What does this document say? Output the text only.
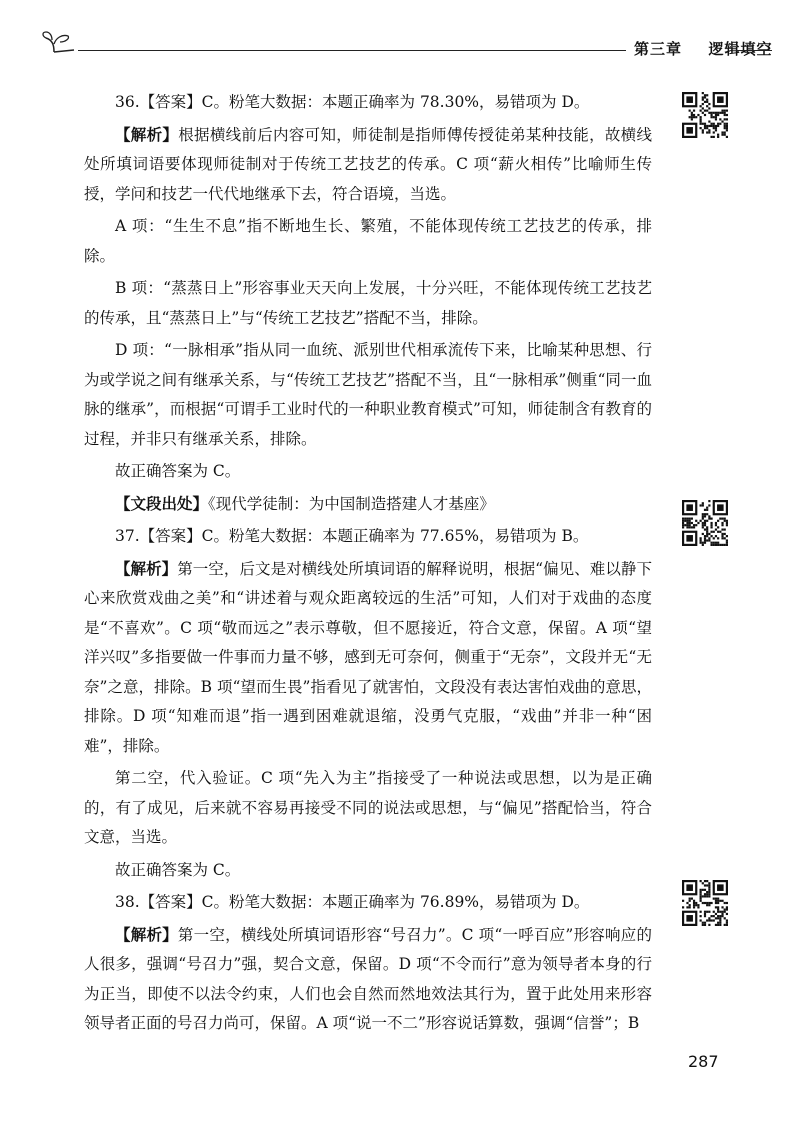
第三章 逻辑填空

36.【答案】C。粉笔大数据：本题正确率为 78.30%，易错项为 D。

【解析】根据横线前后内容可知，师徒制是指师傅传授徒弟某种技能，故横线处所填词语要体现师徒制对于传统工艺技艺的传承。C 项“薪火相传”比喻师生传授，学问和技艺一代代地继承下去，符合语境，当选。

A 项：“生生不息”指不断地生长、繁殖，不能体现传统工艺技艺的传承，排除。

B 项：“蒸蒸日上”形容事业天天向上发展，十分兴旺，不能体现传统工艺技艺的传承，且“蒸蒸日上”与“传统工艺技艺”搭配不当，排除。

D 项：“一脉相承”指从同一血统、派别世代相承流传下来，比喻某种思想、行为或学说之间有继承关系，与“传统工艺技艺”搭配不当，且“一脉相承”侧重“同一血脉的继承”，而根据“可谓手工业时代的一种职业教育模式”可知，师徒制含有教育的过程，并非只有继承关系，排除。

故正确答案为 C。

【文段出处】《现代学徒制：为中国制造搭建人才基座》

37.【答案】C。粉笔大数据：本题正确率为 77.65%，易错项为 B。

【解析】第一空，后文是对横线处所填词语的解释说明，根据“偏见、难以静下心来欣赏戏曲之美”和“讲述着与观众距离较远的生活”可知，人们对于戏曲的态度是“不喜欢”。C 项“敬而远之”表示尊敬，但不愿接近，符合文意，保留。A 项“望洋兴叹”多指要做一件事而力量不够，感到无可奈何，侧重于“无奈”，文段并无“无奈”之意，排除。B 项“望而生畏”指看见了就害怕，文段没有表达害怕戏曲的意思，排除。D 项“知难而退”指一遇到困难就退缩，没勇气克服，“戏曲”并非一种“困难”，排除。

第二空，代入验证。C 项“先入为主”指接受了一种说法或思想，以为是正确的，有了成见，后来就不容易再接受不同的说法或思想，与“偏见”搭配恰当，符合文意，当选。

故正确答案为 C。

38.【答案】C。粉笔大数据：本题正确率为 76.89%，易错项为 D。

【解析】第一空，横线处所填词语形容“号召力”。C 项“一呼百应”形容响应的人很多，强调“号召力”强，契合文意，保留。D 项“不令而行”意为领导者本身的行为正当，即使不以法令约束，人们也会自然而然地效法其行为，置于此处用来形容领导者正面的号召力尚可，保留。A 项“说一不二”形容说话算数，强调“信誉”；B

287
